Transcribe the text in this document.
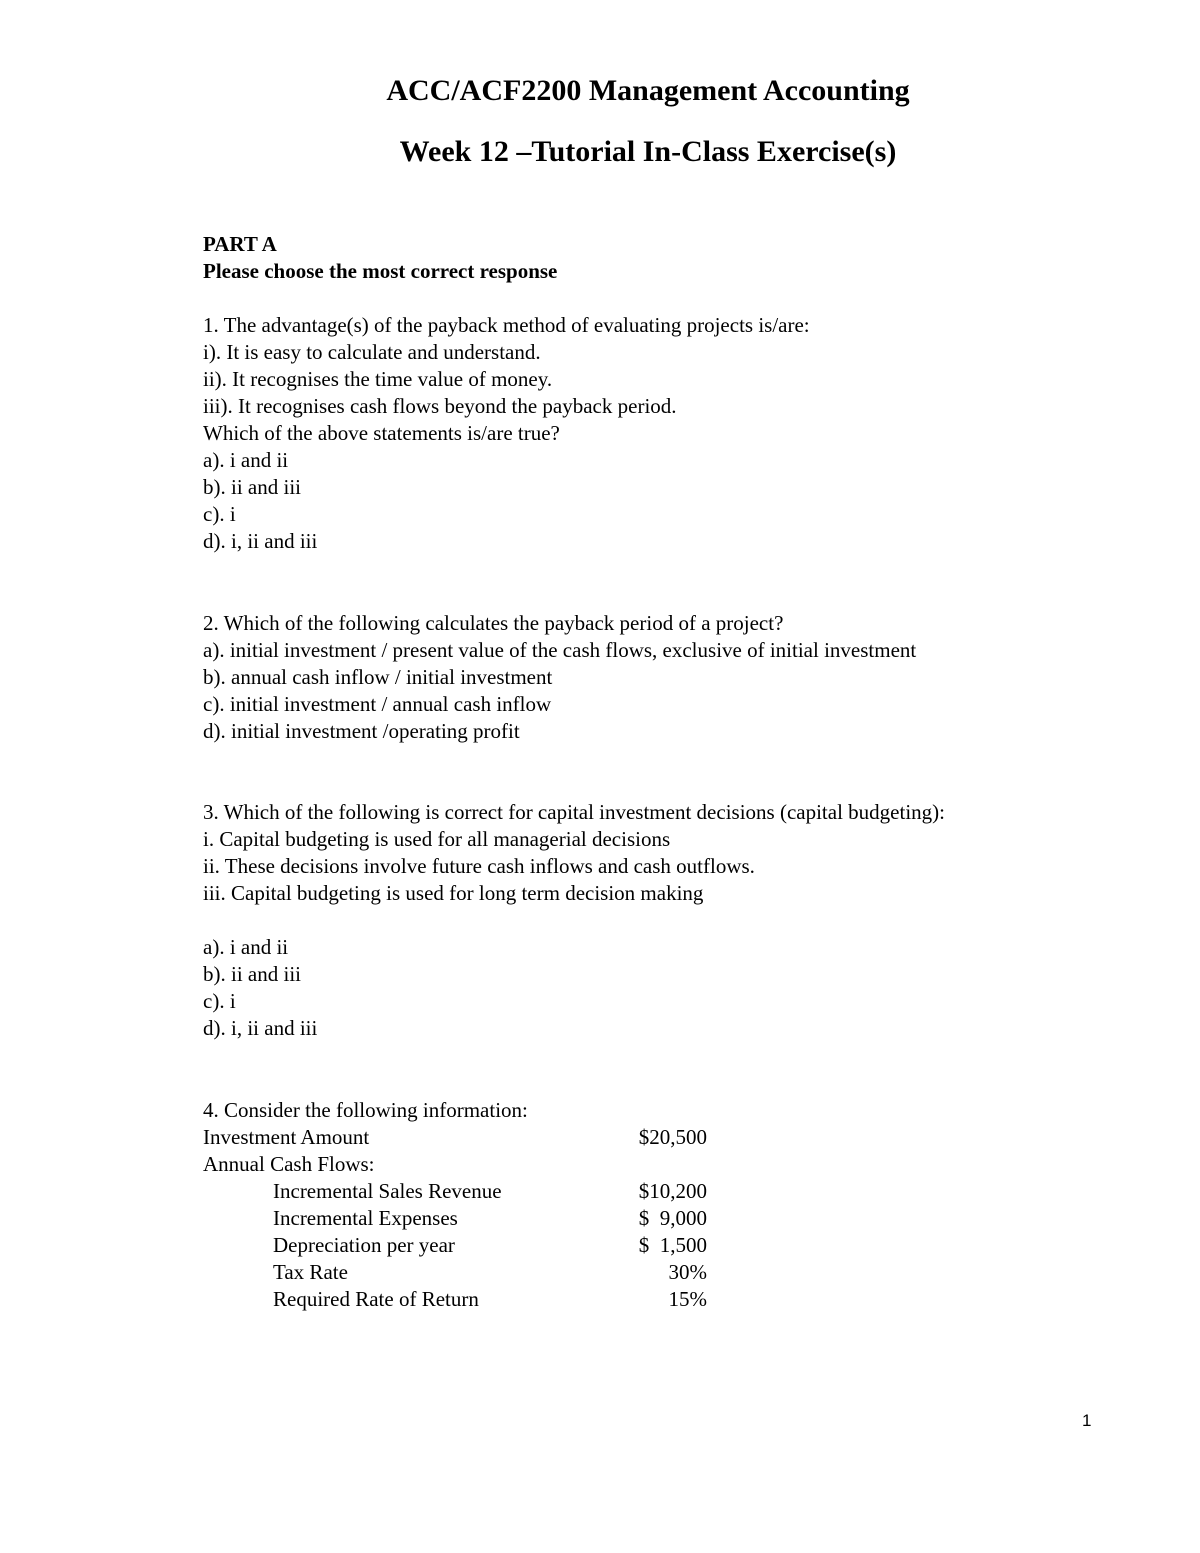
ACC/ACF2200 Management Accounting
Week 12 –Tutorial In-Class Exercise(s)

PART A

Please choose the most correct response

1. The advantage(s) of the payback method of evaluating projects is/are:

i). It is easy to calculate and understand.

ii). It recognises the time value of money.

iii). It recognises cash flows beyond the payback period.

Which of the above statements is/are true?

a). i and ii

b). ii and iii

c). i

d). i, ii and iii

2. Which of the following calculates the payback period of a project?

a). initial investment / present value of the cash flows, exclusive of initial investment

b). annual cash inflow / initial investment

c). initial investment / annual cash inflow

d). initial investment /operating profit

3. Which of the following is correct for capital investment decisions (capital budgeting):

i. Capital budgeting is used for all managerial decisions

ii. These decisions involve future cash inflows and cash outflows.

iii. Capital budgeting is used for long term decision making

a). i and ii

b). ii and iii

c). i

d). i, ii and iii

4. Consider the following information:

Investment Amount	$20,500
Annual Cash Flows:
Incremental Sales Revenue	$10,200
Incremental Expenses	$  9,000
Depreciation per year	$  1,500
Tax Rate	30%
Required Rate of Return	15%
1
